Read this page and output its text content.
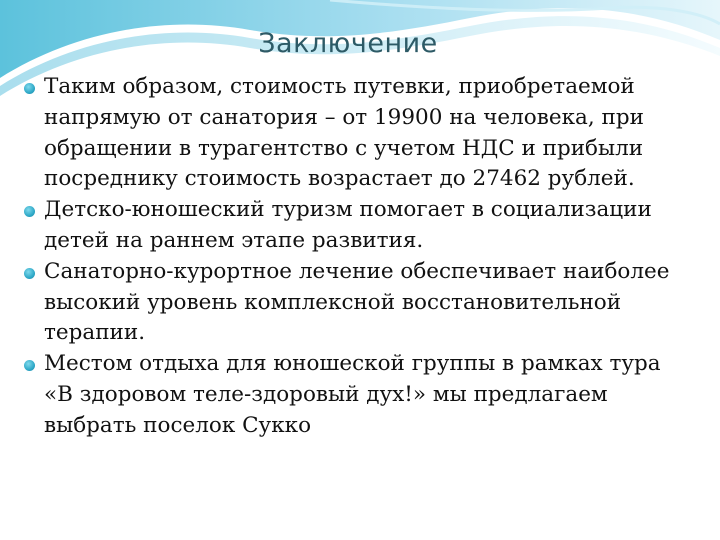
Заключение
Таким образом, стоимость путевки, приобретаемой напрямую от санатория – от 19900 на человека, при обращении в турагентство с учетом НДС и прибыли посреднику стоимость возрастает до 27462 рублей.
Детско-юношеский туризм помогает в социализации детей на раннем этапе развития.
Санаторно-курортное лечение обеспечивает наиболее высокий уровень комплексной восстановительной терапии.
Местом отдыха для юношеской группы в рамках тура «В здоровом теле-здоровый дух!» мы предлагаем выбрать поселок Сукко
